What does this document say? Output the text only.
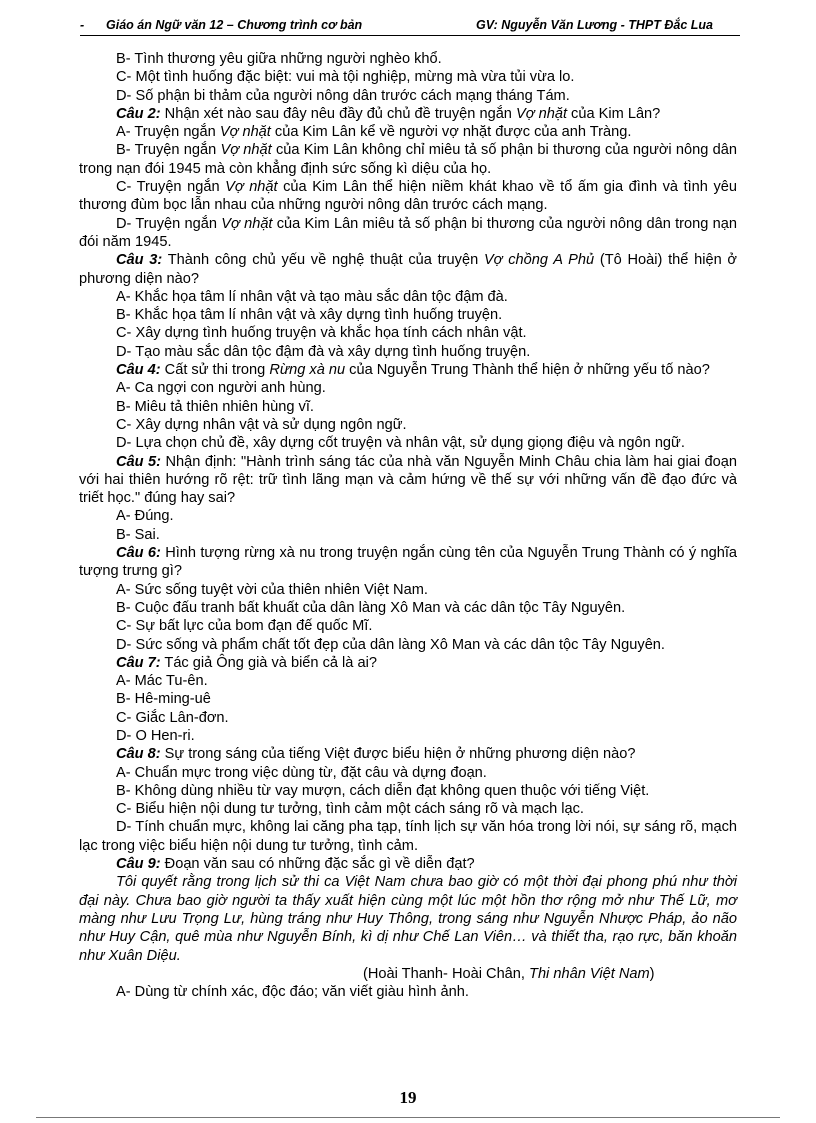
- Giáo án Ngữ văn 12 – Chương trình cơ bản	GV: Nguyễn Văn Lương - THPT Đắc Lua

B- Tình thương yêu giữa những người nghèo khổ.

C- Một tình huống đặc biệt: vui mà tội nghiệp, mừng mà vừa tủi vừa lo.

D- Số phận bi thảm của người nông dân trước cách mạng tháng Tám.

Câu 2: Nhận xét nào sau đây nêu đầy đủ chủ đề truyện ngắn Vợ nhặt của Kim Lân?

A- Truyện ngắn Vợ nhặt của Kim Lân kể về người vợ nhặt được của anh Tràng.

B- Truyện ngắn Vợ nhặt của Kim Lân không chỉ miêu tả số phận bi thương của người nông dân trong nạn đói 1945 mà còn khẳng định sức sống kì diệu của họ.

C- Truyện ngắn Vợ nhặt của Kim Lân thể hiện niềm khát khao về tổ ấm gia đình và tình yêu thương đùm bọc lẫn nhau của những người nông dân trước cách mạng.

D- Truyện ngắn Vợ nhặt của Kim Lân miêu tả số phận bi thương của người nông dân trong nạn đói năm 1945.

Câu 3: Thành công chủ yếu về nghệ thuật của truyện Vợ chồng A Phủ (Tô Hoài) thể hiện ở phương diện nào?

A- Khắc họa tâm lí nhân vật và tạo màu sắc dân tộc đậm đà.

B- Khắc họa tâm lí nhân vật và xây dựng tình huống truyện.

C- Xây dựng tình huống truyện và khắc họa tính cách nhân vật.

D- Tạo màu sắc dân tộc đậm đà và xây dựng tình huống truyện.

Câu 4: Cất sử thi trong Rừng xà nu của Nguyễn Trung Thành thể hiện ở những yếu tố nào?

A- Ca ngợi con người anh hùng.

B- Miêu tả thiên nhiên hùng vĩ.

C- Xây dựng nhân vật và sử dụng ngôn ngữ.

D- Lựa chọn chủ đề, xây dựng cốt truyện và nhân vật, sử dụng giọng điệu và ngôn ngữ.

Câu 5: Nhận định: "Hành trình sáng tác của nhà văn Nguyễn Minh Châu chia làm hai giai đoạn với hai thiên hướng rõ rệt: trữ tình lãng mạn và cảm hứng về thế sự với những vấn đề đạo đức và triết học." đúng hay sai?

A- Đúng.

B- Sai.

Câu 6: Hình tượng rừng xà nu trong truyện ngắn cùng tên của Nguyễn Trung Thành có ý nghĩa tượng trưng gì?

A- Sức sống tuyệt vời của thiên nhiên Việt Nam.

B- Cuộc đấu tranh bất khuất của dân làng Xô Man và các dân tộc Tây Nguyên.

C- Sự bất lực của bom đạn đế quốc Mĩ.

D- Sức sống và phẩm chất tốt đẹp của dân làng Xô Man và các dân tộc Tây Nguyên.

Câu 7: Tác giả Ông già và biển cả là ai?

A- Mác Tu-ên.

B- Hê-ming-uê

C- Giắc Lân-đơn.

D- O Hen-ri.

Câu 8: Sự trong sáng của tiếng Việt được biểu hiện ở những phương diện nào?

A- Chuẩn mực trong việc dùng từ, đặt câu và dựng đoạn.

B- Không dùng nhiều từ vay mượn, cách diễn đạt không quen thuộc với tiếng Việt.

C- Biểu hiện nội dung tư tưởng, tình cảm một cách sáng rõ và mạch lạc.

D- Tính chuẩn mực, không lai căng pha tạp, tính lịch sự văn hóa trong lời nói, sự sáng rõ, mạch lạc trong việc biểu hiện nội dung tư tưởng, tình cảm.

Câu 9: Đoạn văn sau có những đặc sắc gì về diễn đạt?

Tôi quyết rằng trong lịch sử thi ca Việt Nam chưa bao giờ có một thời đại phong phú như thời đại này. Chưa bao giờ người ta thấy xuất hiện cùng một lúc một hồn thơ rộng mở như Thế Lữ, mơ màng như Lưu Trọng Lư, hùng tráng như Huy Thông, trong sáng như Nguyễn Nhược Pháp, ảo não như Huy Cận, quê mùa như Nguyễn Bính, kì dị như Chế Lan Viên… và thiết tha, rạo rực, băn khoăn như Xuân Diệu.

(Hoài Thanh- Hoài Chân, Thi nhân Việt Nam)

A- Dùng từ chính xác, độc đáo; văn viết giàu hình ảnh.

19
